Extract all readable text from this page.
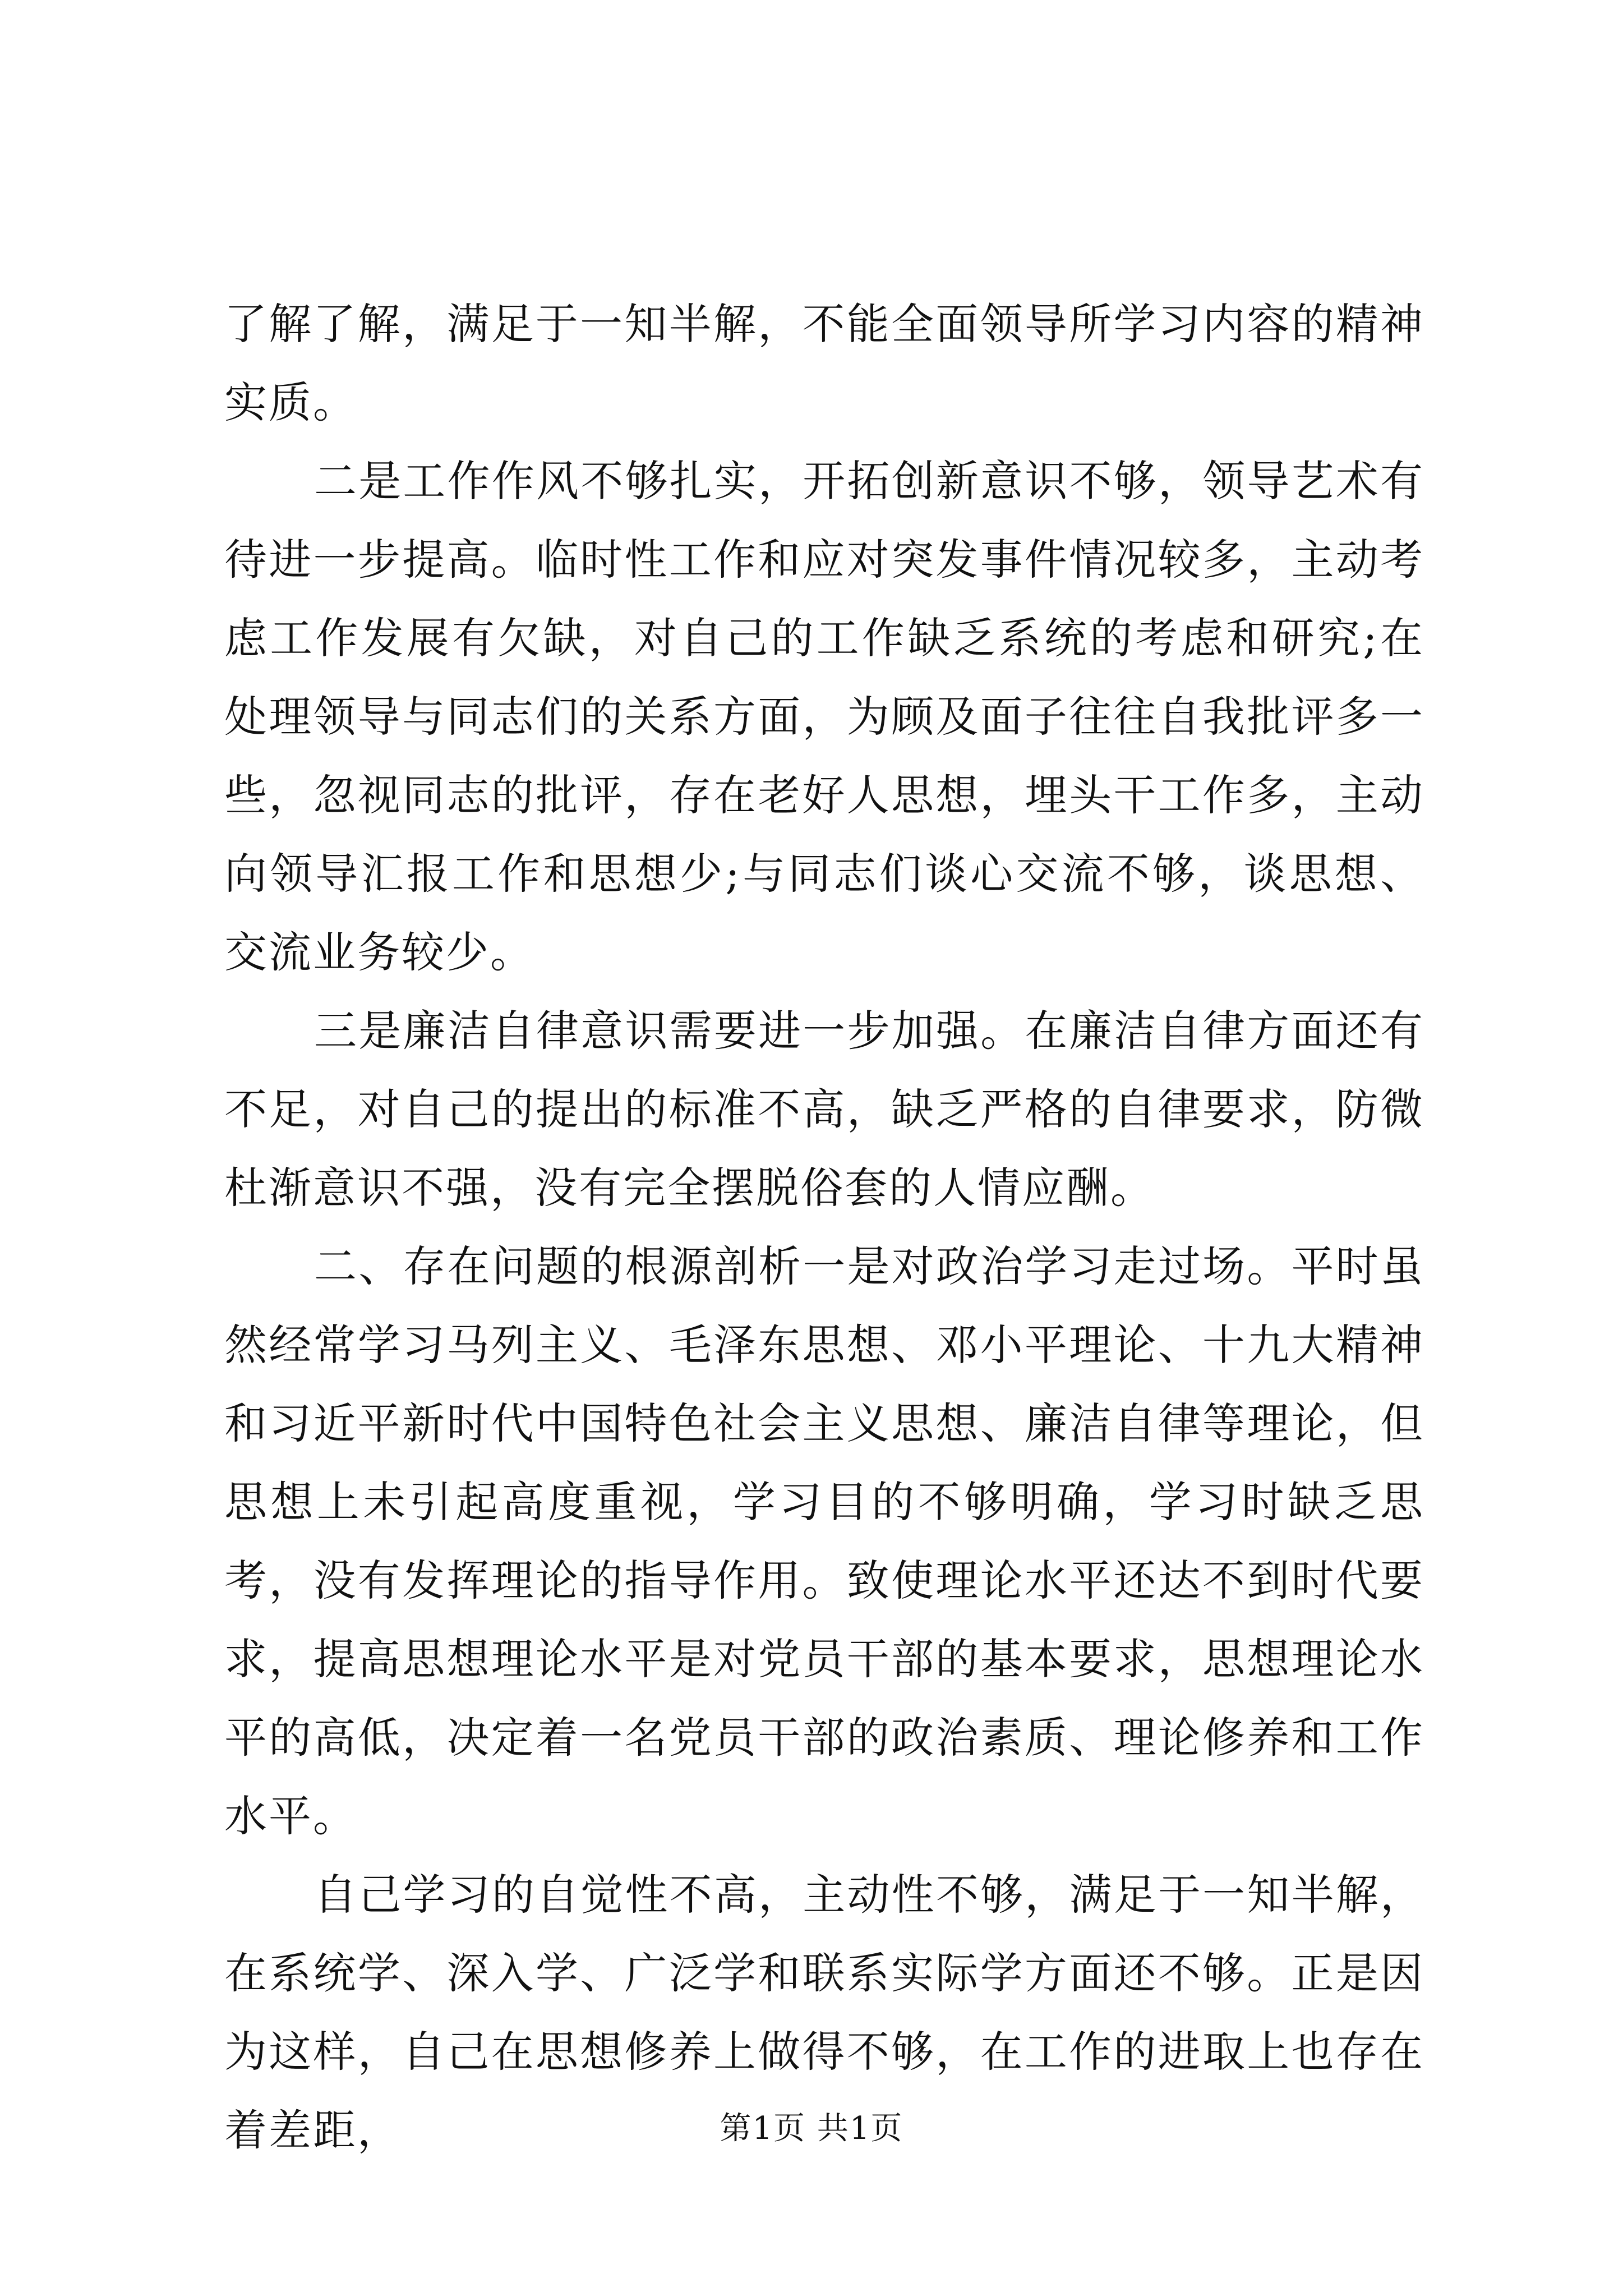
了解了解，满足于一知半解，不能全面领导所学习内容的精神实质。

二是工作作风不够扎实，开拓创新意识不够，领导艺术有待进一步提高。临时性工作和应对突发事件情况较多，主动考虑工作发展有欠缺，对自己的工作缺乏系统的考虑和研究;在处理领导与同志们的关系方面，为顾及面子往往自我批评多一些，忽视同志的批评，存在老好人思想，埋头干工作多，主动向领导汇报工作和思想少;与同志们谈心交流不够，谈思想、交流业务较少。

三是廉洁自律意识需要进一步加强。在廉洁自律方面还有不足，对自己的提出的标准不高，缺乏严格的自律要求，防微杜渐意识不强，没有完全摆脱俗套的人情应酬。

二、存在问题的根源剖析一是对政治学习走过场。平时虽然经常学习马列主义、毛泽东思想、邓小平理论、十九大精神和习近平新时代中国特色社会主义思想、廉洁自律等理论，但思想上未引起高度重视，学习目的不够明确，学习时缺乏思考，没有发挥理论的指导作用。致使理论水平还达不到时代要求，提高思想理论水平是对党员干部的基本要求，思想理论水平的高低，决定着一名党员干部的政治素质、理论修养和工作水平。

自己学习的自觉性不高，主动性不够，满足于一知半解，在系统学、深入学、广泛学和联系实际学方面还不够。正是因为这样，自己在思想修养上做得不够，在工作的进取上也存在着差距，	第1页 共1页
